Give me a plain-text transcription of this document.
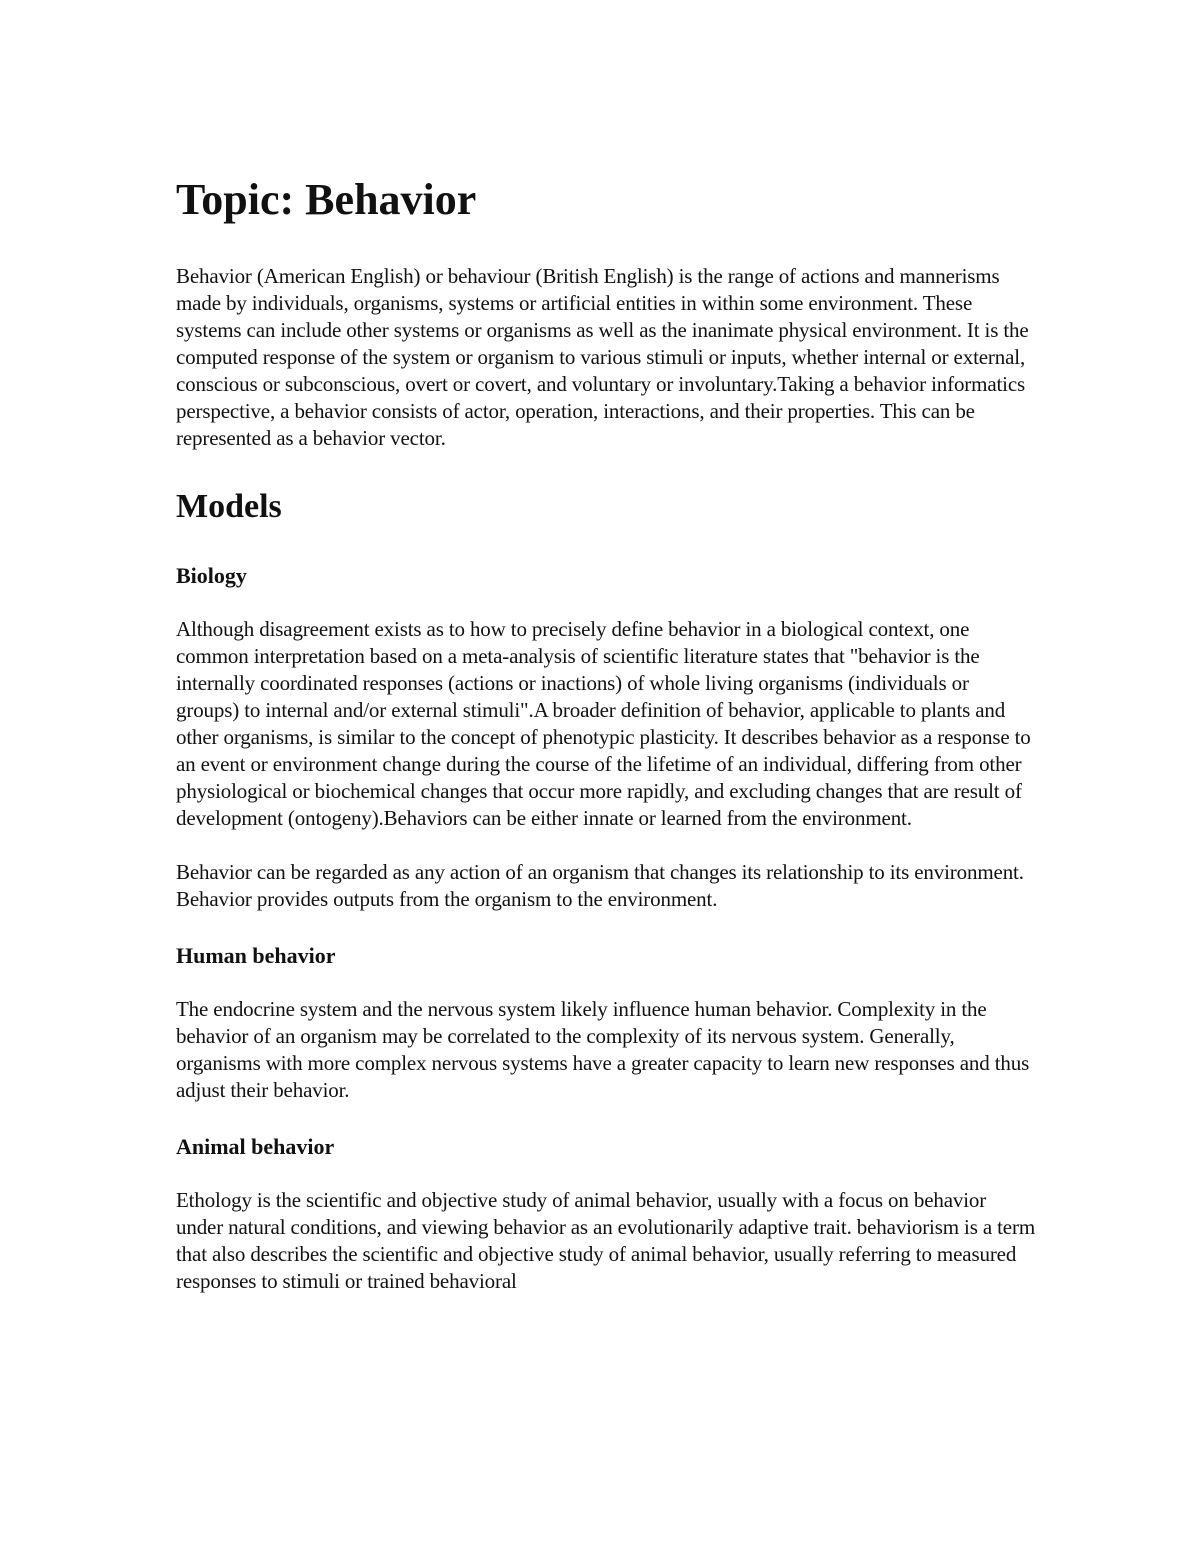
Topic: Behavior

Behavior (American English) or behaviour (British English) is the range of actions and mannerisms made by individuals, organisms, systems or artificial entities in within some environment. These systems can include other systems or organisms as well as the inanimate physical environment. It is the computed response of the system or organism to various stimuli or inputs, whether internal or external, conscious or subconscious, overt or covert, and voluntary or involuntary.Taking a behavior informatics perspective, a behavior consists of actor, operation, interactions, and their properties. This can be represented as a behavior vector.

Models
Biology

Although disagreement exists as to how to precisely define behavior in a biological context, one common interpretation based on a meta-analysis of scientific literature states that "behavior is the internally coordinated responses (actions or inactions) of whole living organisms (individuals or groups) to internal and/or external stimuli".A broader definition of behavior, applicable to plants and other organisms, is similar to the concept of phenotypic plasticity. It describes behavior as a response to an event or environment change during the course of the lifetime of an individual, differing from other physiological or biochemical changes that occur more rapidly, and excluding changes that are result of development (ontogeny).Behaviors can be either innate or learned from the environment.

Behavior can be regarded as any action of an organism that changes its relationship to its environment. Behavior provides outputs from the organism to the environment.

Human behavior

The endocrine system and the nervous system likely influence human behavior. Complexity in the behavior of an organism may be correlated to the complexity of its nervous system. Generally, organisms with more complex nervous systems have a greater capacity to learn new responses and thus adjust their behavior.

Animal behavior

Ethology is the scientific and objective study of animal behavior, usually with a focus on behavior under natural conditions, and viewing behavior as an evolutionarily adaptive trait. behaviorism is a term that also describes the scientific and objective study of animal behavior, usually referring to measured responses to stimuli or trained behavioral
